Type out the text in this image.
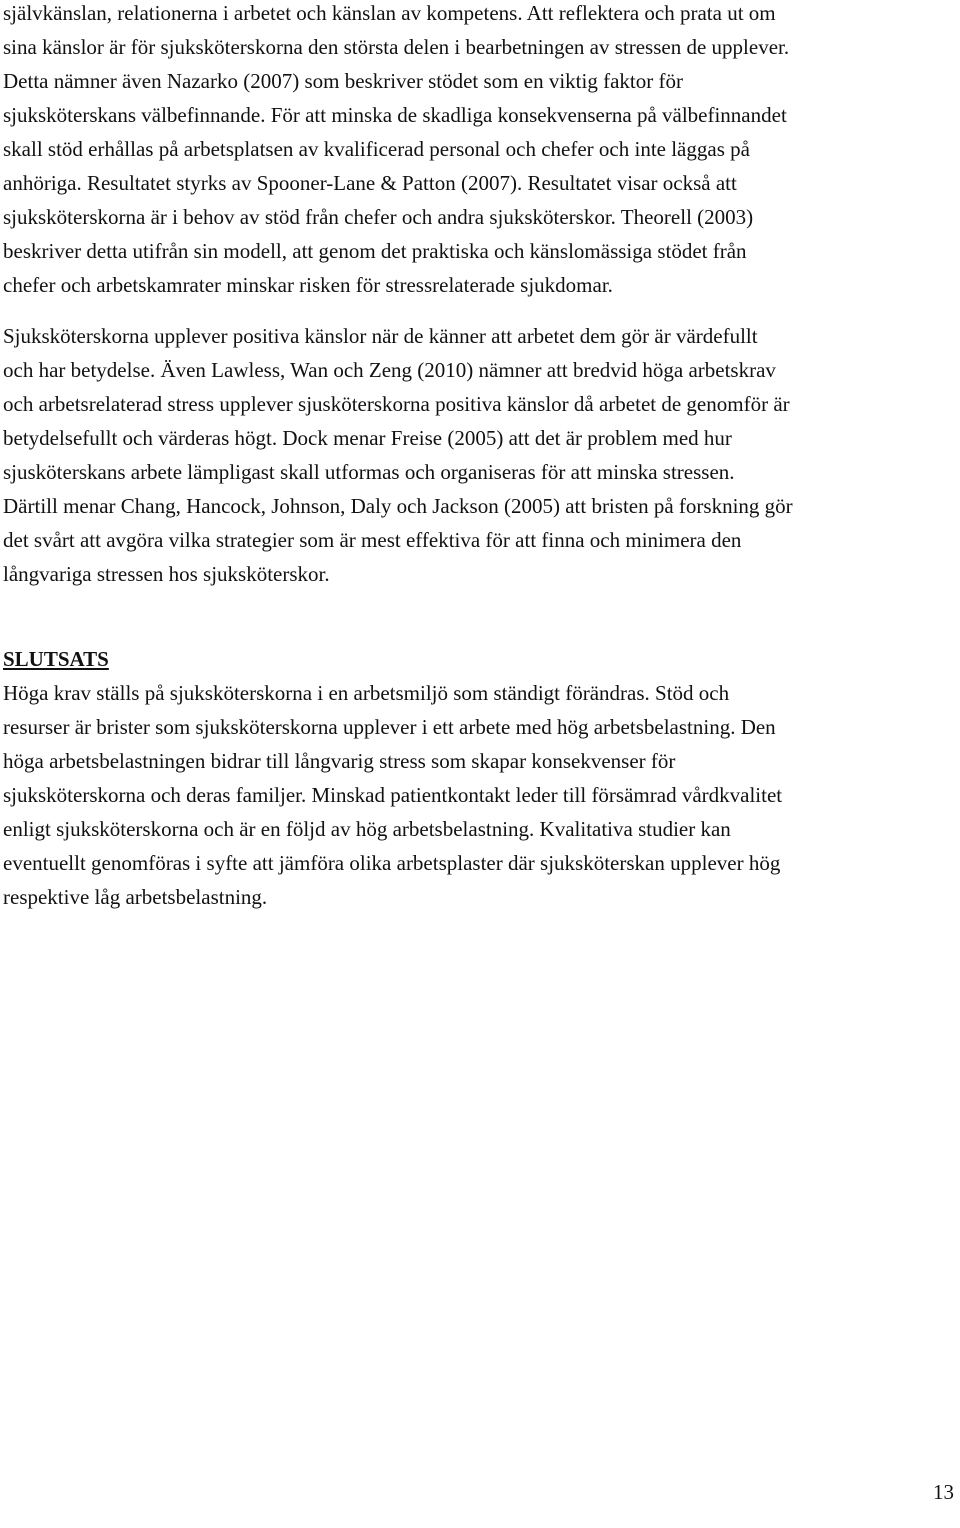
självkänslan, relationerna i arbetet och känslan av kompetens. Att reflektera och prata ut om
sina känslor är för sjuksköterskorna den största delen i bearbetningen av stressen de upplever.
Detta nämner även Nazarko (2007) som beskriver stödet som en viktig faktor för
sjuksköterskans välbefinnande. För att minska de skadliga konsekvenserna på välbefinnandet
skall stöd erhållas på arbetsplatsen av kvalificerad personal och chefer och inte läggas på
anhöriga. Resultatet styrks av Spooner-Lane & Patton (2007). Resultatet visar också att
sjuksköterskorna är i behov av stöd från chefer och andra sjuksköterskor. Theorell (2003)
beskriver detta utifrån sin modell, att genom det praktiska och känslomässiga stödet från
chefer och arbetskamrater minskar risken för stressrelaterade sjukdomar.

Sjuksköterskorna upplever positiva känslor när de känner att arbetet dem gör är värdefullt
och har betydelse. Även Lawless, Wan och Zeng (2010) nämner att bredvid höga arbetskrav
och arbetsrelaterad stress upplever sjusköterskorna positiva känslor då arbetet de genomför är
betydelsefullt och värderas högt. Dock menar Freise (2005) att det är problem med hur
sjusköterskans arbete lämpligast skall utformas och organiseras för att minska stressen.
Därtill menar Chang, Hancock, Johnson, Daly och Jackson (2005) att bristen på forskning gör
det svårt att avgöra vilka strategier som är mest effektiva för att finna och minimera den
långvariga stressen hos sjuksköterskor.

SLUTSATS

Höga krav ställs på sjuksköterskorna i en arbetsmiljö som ständigt förändras. Stöd och
resurser är brister som sjuksköterskorna upplever i ett arbete med hög arbetsbelastning. Den
höga arbetsbelastningen bidrar till långvarig stress som skapar konsekvenser för
sjuksköterskorna och deras familjer. Minskad patientkontakt leder till försämrad vårdkvalitet
enligt sjuksköterskorna och är en följd av hög arbetsbelastning. Kvalitativa studier kan
eventuellt genomföras i syfte att jämföra olika arbetsplaster där sjuksköterskan upplever hög
respektive låg arbetsbelastning.

13
